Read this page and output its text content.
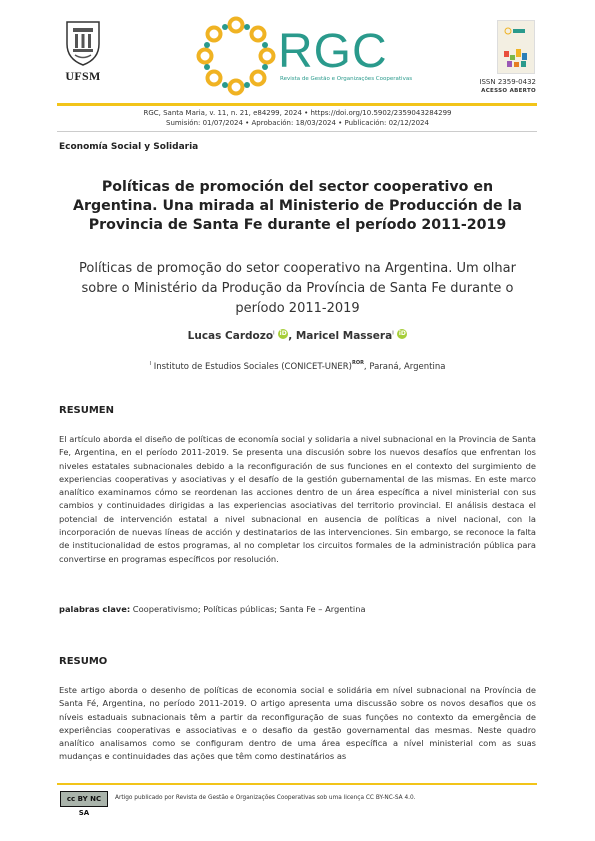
UFSM	RGC
Revista de Gestão e Organizações Cooperativas	ISSN 2359-0432
ACESSO ABERTO
RGC, Santa Maria, v. 11, n. 21, e84299, 2024 • https://doi.org/10.5902/2359043284299
Sumisión: 01/07/2024 • Aprobación: 18/03/2024 • Publicación: 02/12/2024
Economía Social y Solidaria
Políticas de promoción del sector cooperativo en Argentina. Una mirada al Ministerio de Producción de la Provincia de Santa Fe durante el período 2011-2019
Políticas de promoção do setor cooperativo na Argentina. Um olhar sobre o Ministério da Produção da Província de Santa Fe durante o período 2011-2019
Lucas Cardozo$^I$ iD, Maricel Massera$^I$ iD
$^I$ Instituto de Estudios Sociales (CONICET-UNER)$^{ROR}$, Paraná, Argentina
RESUMEN
El artículo aborda el diseño de políticas de economía social y solidaria a nivel subnacional en la Provincia de Santa Fe, Argentina, en el período 2011-2019. Se presenta una discusión sobre los nuevos desafíos que enfrentan los niveles estatales subnacionales debido a la reconfiguración de sus funciones en el contexto del surgimiento de experiencias cooperativas y asociativas y el desafío de la gestión gubernamental de las mismas. En este marco analítico examinamos cómo se reordenan las acciones dentro de un área específica a nivel ministerial con sus cambios y continuidades dirigidas a las experiencias asociativas del territorio provincial. El análisis destaca el potencial de intervención estatal a nivel subnacional en ausencia de políticas a nivel nacional, con la incorporación de nuevas líneas de acción y destinatarios de las intervenciones. Sin embargo, se reconoce la falta de institucionalidad de estos programas, al no completar los circuitos formales de la administración pública para convertirse en programas específicos por resolución.
palabras clave: Cooperativismo; Políticas públicas; Santa Fe – Argentina
RESUMO
Este artigo aborda o desenho de políticas de economia social e solidária em nível subnacional na Província de Santa Fé, Argentina, no período 2011-2019. O artigo apresenta uma discussão sobre os novos desafios que os níveis estaduais subnacionais têm a partir da reconfiguração de suas funções no contexto da emergência de experiências cooperativas e associativas e o desafio da gestão governamental das mesmas. Neste quadro analítico analisamos como se configuram dentro de uma área específica a nível ministerial com as suas mudanças e continuidades das ações que têm como destinatários as
cc BY NC SA
Artigo publicado por Revista de Gestão e Organizações Cooperativas sob uma licença CC BY-NC-SA 4.0.
